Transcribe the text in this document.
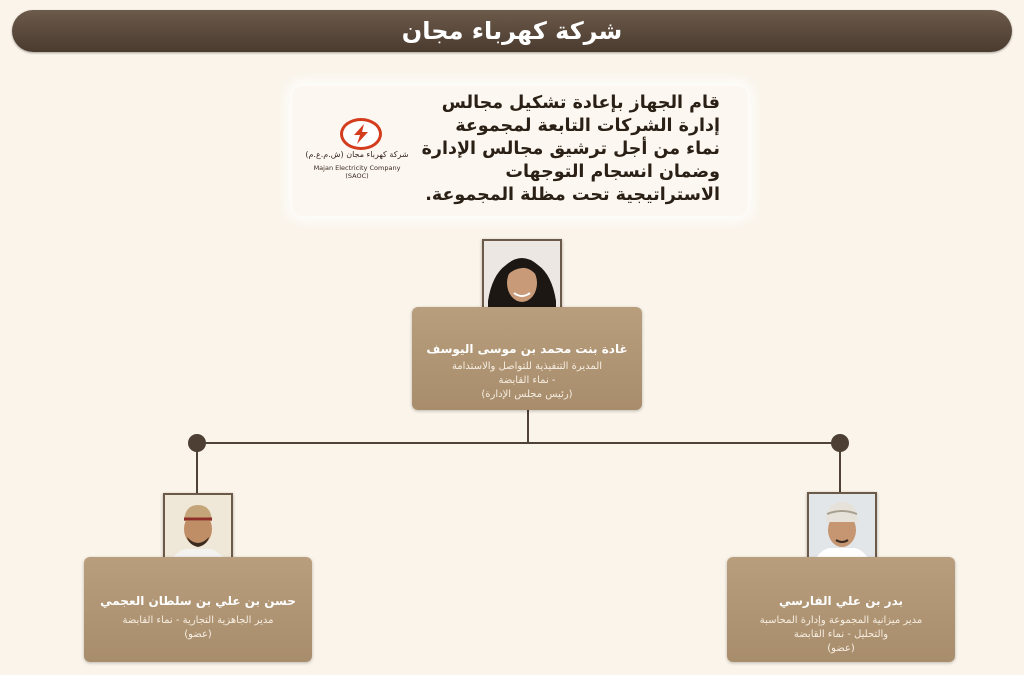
شركة كهرباء مجان
قام الجهاز بإعادة تشكيل مجالس إدارة الشركات التابعة لمجموعة نماء من أجل ترشيق مجالس الإدارة وضمان انسجام التوجهات الاستراتيجية تحت مظلة المجموعة.
شركة كهرباء مجان (ش.م.ع.م)
Majan Electricity Company (SAOC)
غادة بنت محمد بن موسى اليوسف
المديرة التنفيذية للتواصل والاستدامة
- نماء القابضة
(رئيس مجلس الإدارة)
حسن بن علي بن سلطان العجمي
مدير الجاهزية التجارية - نماء القابضة
(عضو)
بدر بن علي الفارسي
مدير ميزانية المجموعة وإدارة المحاسبة
والتحليل - نماء القابضة
(عضو)
